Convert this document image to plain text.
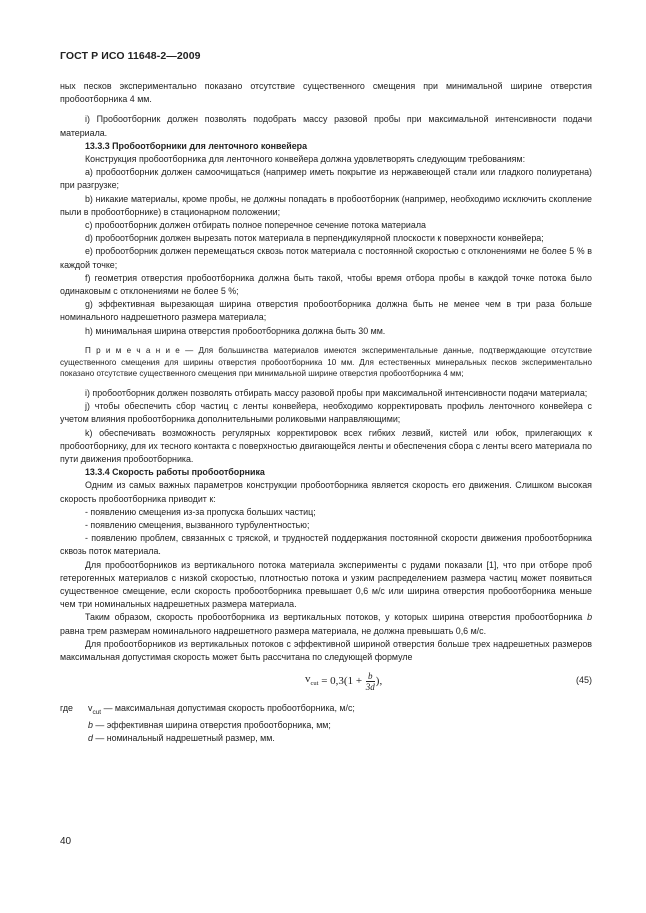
ГОСТ Р ИСО 11648-2—2009

ных песков экспериментально показано отсутствие существенного смещения при минимальной ширине отверстия пробоотборника 4 мм.

i) Пробоотборник должен позволять подобрать массу разовой пробы при максимальной интенсивности подачи материала.

13.3.3 Пробоотборники для ленточного конвейера

Конструкция пробоотборника для ленточного конвейера должна удовлетворять следующим требованиям:

а) пробоотборник должен самоочищаться (например иметь покрытие из нержавеющей стали или гладкого полиуретана) при разгрузке;

b) никакие материалы, кроме пробы, не должны попадать в пробоотборник (например, необходимо исключить скопление пыли в пробоотборнике) в стационарном положении;

с) пробоотборник должен отбирать полное поперечное сечение потока материала

d) пробоотборник должен вырезать поток материала в перпендикулярной плоскости к поверхности конвейера;

е) пробоотборник должен перемещаться сквозь поток материала с постоянной скоростью с отклонениями не более 5 % в каждой точке;

f) геометрия отверстия пробоотборника должна быть такой, чтобы время отбора пробы в каждой точке потока было одинаковым с отклонениями не более 5 %;

g) эффективная вырезающая ширина отверстия пробоотборника должна быть не менее чем в три раза больше номинального надрешетного размера материала;

h) минимальная ширина отверстия пробоотборника должна быть 30 мм.

П р и м е ч а н и е — Для большинства материалов имеются экспериментальные данные, подтверждающие отсутствие существенного смещения для ширины отверстия пробоотборника 10 мм. Для естественных минеральных песков экспериментально показано отсутствие существенного смещения при минимальной ширине отверстия пробоотборника 4 мм;

i) пробоотборник должен позволять отбирать массу разовой пробы при максимальной интенсивности подачи материала;

j) чтобы обеспечить сбор частиц с ленты конвейера, необходимо корректировать профиль ленточного конвейера с учетом влияния пробоотборника дополнительными роликовыми направляющими;

k) обеспечивать возможность регулярных корректировок всех гибких лезвий, кистей или юбок, прилегающих к пробоотборнику, для их тесного контакта с поверхностью двигающейся ленты и обеспечения сбора с ленты всего материала по пути движения пробоотборника.

13.3.4 Скорость работы пробоотборника

Одним из самых важных параметров конструкции пробоотборника является скорость его движения. Слишком высокая скорость пробоотборника приводит к:

- появлению смещения из-за пропуска больших частиц;

- появлению смещения, вызванного турбулентностью;

- появлению проблем, связанных с тряской, и трудностей поддержания постоянной скорости движения пробоотборника сквозь поток материала.

Для пробоотборников из вертикального потока материала эксперименты с рудами показали [1], что при отборе проб гетерогенных материалов с низкой скоростью, плотностью потока и узким распределением размера частиц может появиться существенное смещение, если скорость пробоотборника превышает 0,6 м/с или ширина отверстия пробоотборника меньше чем три номинальных надрешетных размера материала.

Таким образом, скорость пробоотборника из вертикальных потоков, у которых ширина отверстия пробоотборника b равна трем размерам номинального надрешетного размера материала, не должна превышать 0,6 м/с.

Для пробоотборников из вертикальных потоков с эффективной шириной отверстия больше трех надрешетных размеров максимальная допустимая скорость может быть рассчитана по следующей формуле

$v_{cut} = 0,3$ ($1 + \frac{b}{3d}$ ),	(45)
где	$v_{cut}$ — максимальная допустимая скорость пробоотборника, м/с;
b — эффективная ширина отверстия пробоотборника, мм;
d — номинальный надрешетный размер, мм.
40
